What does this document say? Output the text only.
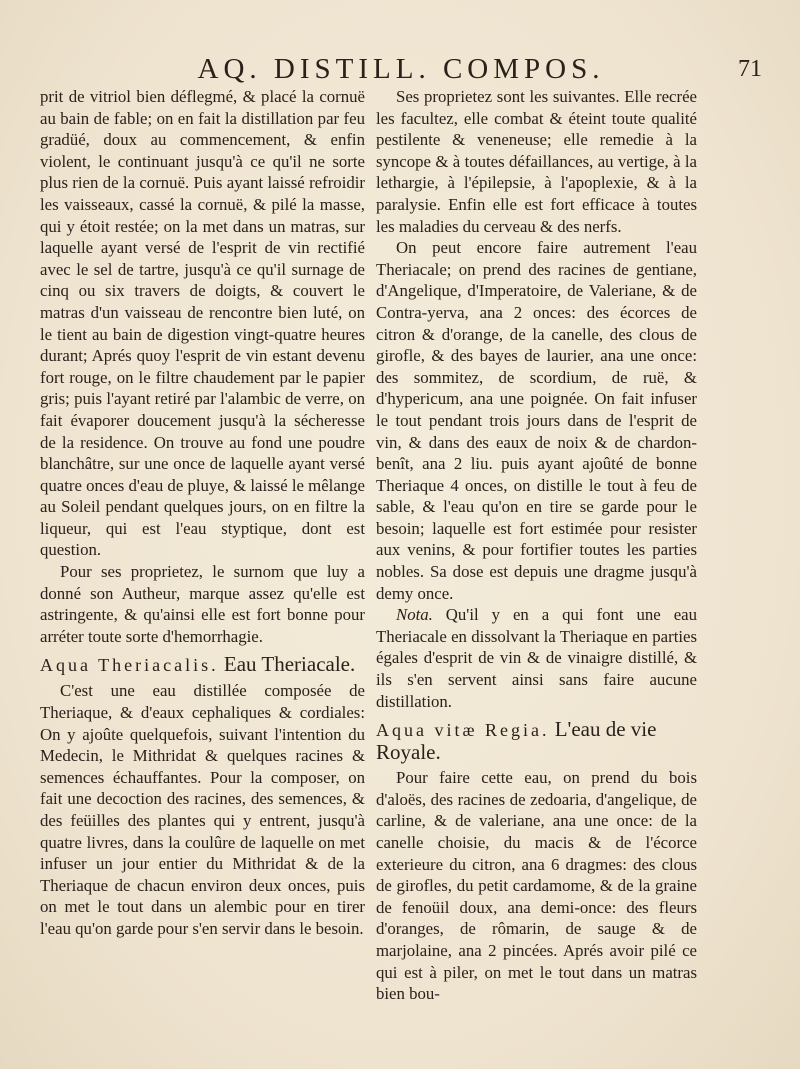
AQ. DISTILL. COMPOS.	71

prit de vitriol bien déflegmé, & placé la cornuë au bain de fable; on en fait la distillation par feu gradüé, doux au commencement, & enfin violent, le continuant jusqu'à ce qu'il ne sorte plus rien de la cornuë. Puis ayant laissé refroidir les vaisseaux, cassé la cornuë, & pilé la masse, qui y étoit restée; on la met dans un matras, sur laquelle ayant versé de l'esprit de vin rectifié avec le sel de tartre, jusqu'à ce qu'il surnage de cinq ou six travers de doigts, & couvert le matras d'un vaisseau de rencontre bien luté, on le tient au bain de digestion vingt-quatre heures durant; Aprés quoy l'esprit de vin estant devenu fort rouge, on le filtre chaudement par le papier gris; puis l'ayant retiré par l'alambic de verre, on fait évaporer doucement jusqu'à la sécheresse de la residence. On trouve au fond une poudre blanchâtre, sur une once de laquelle ayant versé quatre onces d'eau de pluye, & laissé le mêlange au Soleil pendant quelques jours, on en filtre la liqueur, qui est l'eau styptique, dont est question.

Pour ses proprietez, le surnom que luy a donné son Autheur, marque assez qu'elle est astringente, & qu'ainsi elle est fort bonne pour arréter toute sorte d'hemorrhagie.

Aqua Theriacalis. Eau Theriacale.

C'est une eau distillée composée de Theriaque, & d'eaux cephaliques & cordiales: On y ajoûte quelquefois, suivant l'intention du Medecin, le Mithridat & quelques racines & semences échauffantes. Pour la composer, on fait une decoction des racines, des semences, & des feüilles des plantes qui y entrent, jusqu'à quatre livres, dans la coulûre de laquelle on met infuser un jour entier du Mithridat & de la Theriaque de chacun environ deux onces, puis on met le tout dans un alembic pour en tirer l'eau qu'on garde pour s'en servir dans le besoin.

Ses proprietez sont les suivantes. Elle recrée les facultez, elle combat & éteint toute qualité pestilente & veneneuse; elle remedie à la syncope & à toutes défaillances, au vertige, à la lethargie, à l'épilepsie, à l'apoplexie, & à la paralysie. Enfin elle est fort efficace à toutes les maladies du cerveau & des nerfs.

On peut encore faire autrement l'eau Theriacale; on prend des racines de gentiane, d'Angelique, d'Imperatoire, de Valeriane, & de Contra-yerva, ana 2 onces: des écorces de citron & d'orange, de la canelle, des clous de girofle, & des bayes de laurier, ana une once: des sommitez, de scordium, de ruë, & d'hypericum, ana une poignée. On fait infuser le tout pendant trois jours dans de l'esprit de vin, & dans des eaux de noix & de chardon-benît, ana 2 liu. puis ayant ajoûté de bonne Theriaque 4 onces, on distille le tout à feu de sable, & l'eau qu'on en tire se garde pour le besoin; laquelle est fort estimée pour resister aux venins, & pour fortifier toutes les parties nobles. Sa dose est depuis une dragme jusqu'à demy once.

Nota. Qu'il y en a qui font une eau Theriacale en dissolvant la Theriaque en parties égales d'esprit de vin & de vinaigre distillé, & ils s'en servent ainsi sans faire aucune distillation.

Aqua vitæ Regia. L'eau de vie Royale.

Pour faire cette eau, on prend du bois d'aloës, des racines de zedoaria, d'angelique, de carline, & de valeriane, ana une once: de la canelle choisie, du macis & de l'écorce exterieure du citron, ana 6 dragmes: des clous de girofles, du petit cardamome, & de la graine de fenoüil doux, ana demi-once: des fleurs d'oranges, de rômarin, de sauge & de marjolaine, ana 2 pincées. Aprés avoir pilé ce qui est à piler, on met le tout dans un matras bien bou-
